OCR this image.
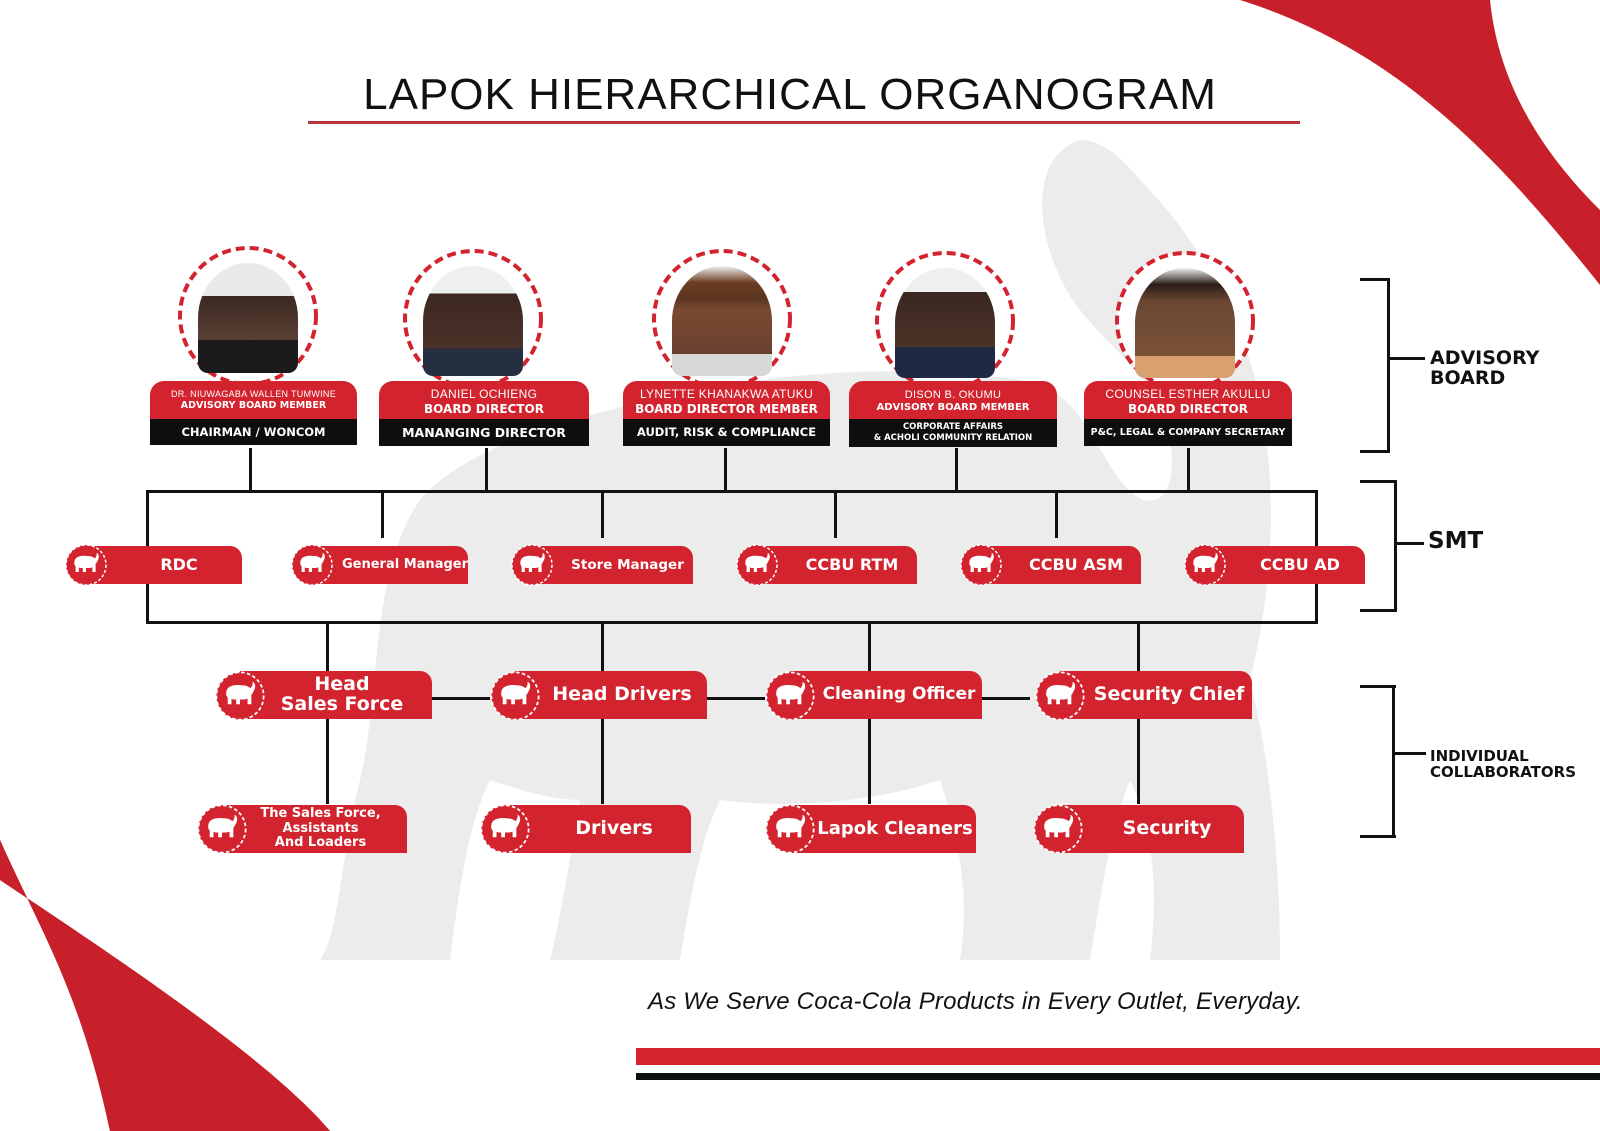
LAPOK HIERARCHICAL ORGANOGRAM
ADVISORY
BOARD
SMT
INDIVIDUAL
COLLABORATORS
DR. NIUWAGABA WALLEN TUMWINE
ADVISORY BOARD MEMBER
CHAIRMAN / WONCOM
DANIEL OCHIENG
BOARD DIRECTOR
MANANGING DIRECTOR
LYNETTE KHANAKWA ATUKU
BOARD DIRECTOR MEMBER
AUDIT, RISK & COMPLIANCE
DISON B. OKUMU
ADVISORY BOARD MEMBER
CORPORATE AFFAIRS
& ACHOLI COMMUNITY RELATION
COUNSEL ESTHER AKULLU
BOARD DIRECTOR
P&C, LEGAL & COMPANY SECRETARY
RDC	General Manager	Store Manager	CCBU RTM	CCBU ASM	CCBU AD
Head
Sales Force	Head Drivers	Cleaning Officer	Security Chief
The Sales Force,
Assistants
And Loaders
Drivers	Lapok Cleaners	Security
As We Serve Coca-Cola Products in Every Outlet, Everyday.
